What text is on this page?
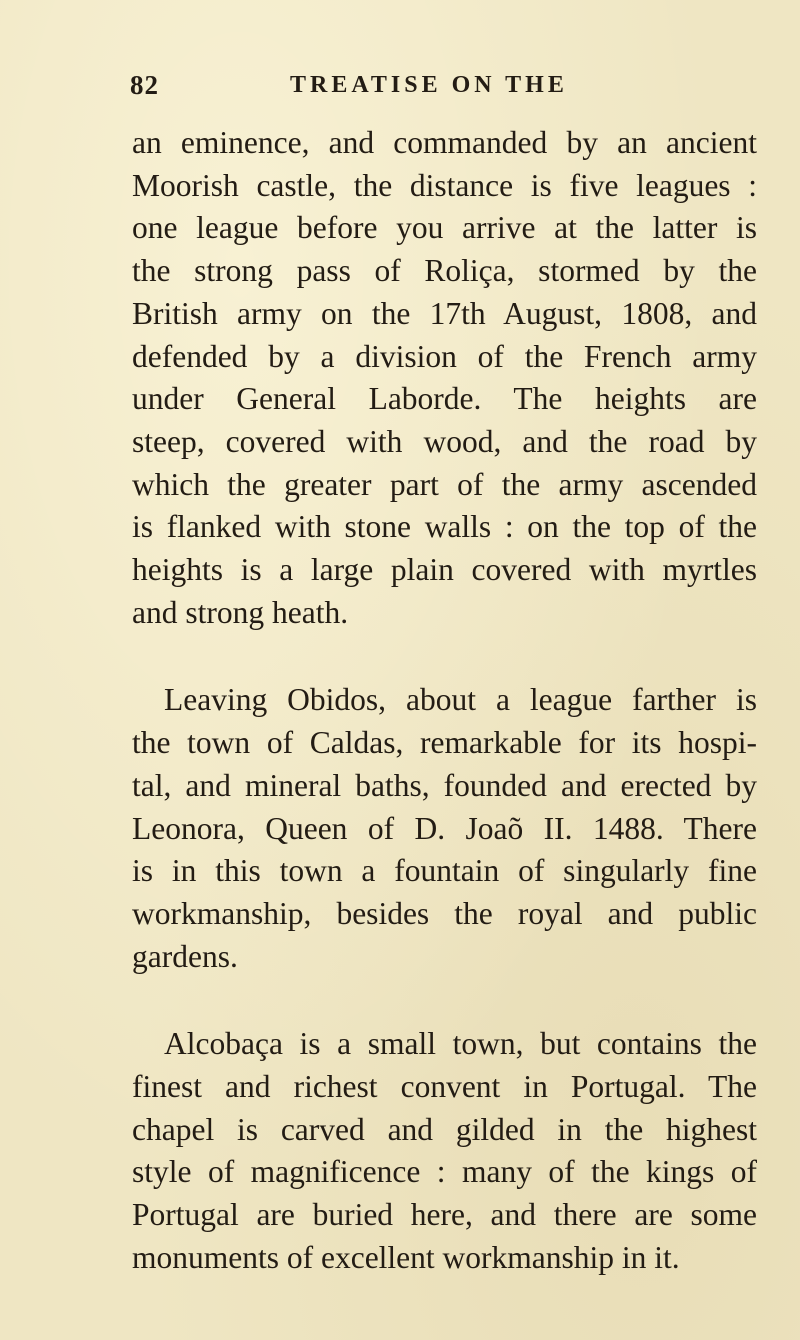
82	TREATISE ON THE

an eminence, and commanded by an ancient
Moorish castle, the distance is five leagues :
one league before you arrive at the latter is
the strong pass of Roliça, stormed by the
British army on the 17th August, 1808, and
defended by a division of the French army
under General Laborde. The heights are
steep, covered with wood, and the road by
which the greater part of the army ascended
is flanked with stone walls : on the top of the
heights is a large plain covered with myrtles
and strong heath.

Leaving Obidos, about a league farther is
the town of Caldas, remarkable for its hospi-
tal, and mineral baths, founded and erected by
Leonora, Queen of D. Joaõ II. 1488. There
is in this town a fountain of singularly fine
workmanship, besides the royal and public
gardens.

Alcobaça is a small town, but contains the
finest and richest convent in Portugal. The
chapel is carved and gilded in the highest
style of magnificence : many of the kings of
Portugal are buried here, and there are some
monuments of excellent workmanship in it.
